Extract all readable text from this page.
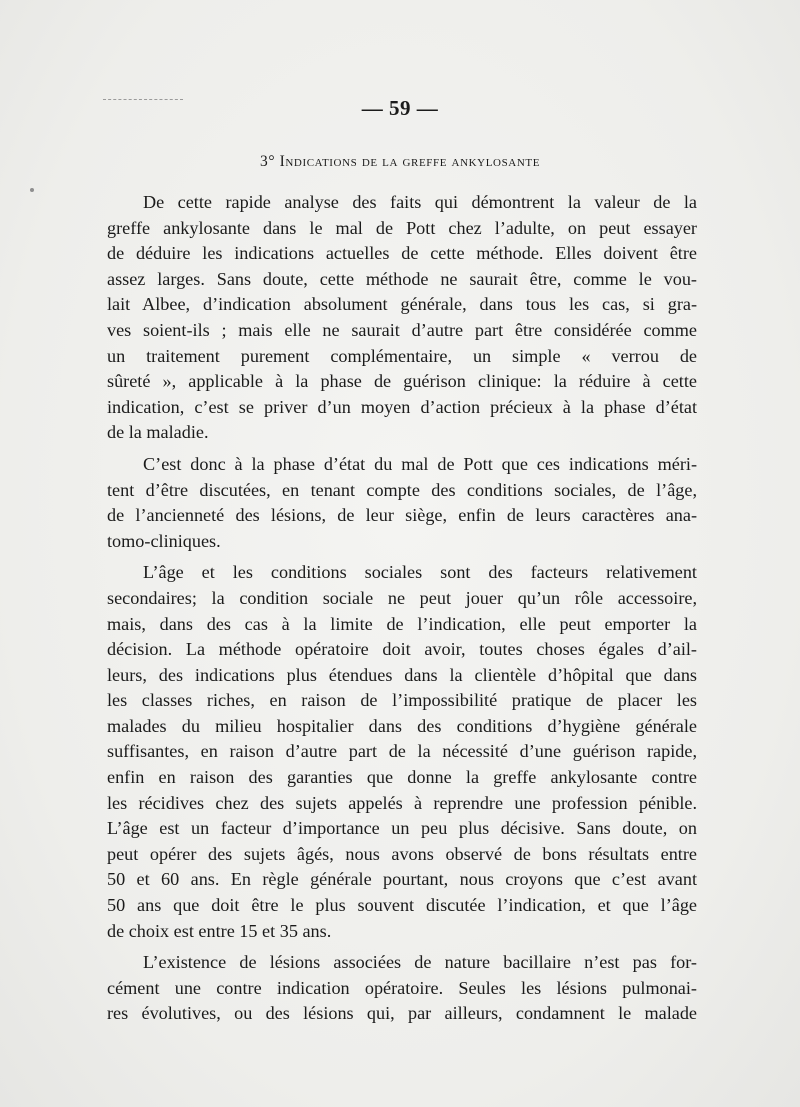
— 59 —
3° Indications de la greffe ankylosante
De cette rapide analyse des faits qui démontrent la valeur de la
greffe ankylosante dans le mal de Pott chez l’adulte, on peut essayer
de déduire les indications actuelles de cette méthode. Elles doivent être
assez larges. Sans doute, cette méthode ne saurait être, comme le vou-
lait Albee, d’indication absolument générale, dans tous les cas, si gra-
ves soient-ils ; mais elle ne saurait d’autre part être considérée comme
un traitement purement complémentaire, un simple « verrou de
sûreté », applicable à la phase de guérison clinique: la réduire à cette
indication, c’est se priver d’un moyen d’action précieux à la phase d’état
de la maladie.
C’est donc à la phase d’état du mal de Pott que ces indications méri-
tent d’être discutées, en tenant compte des conditions sociales, de l’âge,
de l’ancienneté des lésions, de leur siège, enfin de leurs caractères ana-
tomo-cliniques.
L’âge et les conditions sociales sont des facteurs relativement
secondaires; la condition sociale ne peut jouer qu’un rôle accessoire,
mais, dans des cas à la limite de l’indication, elle peut emporter la
décision. La méthode opératoire doit avoir, toutes choses égales d’ail-
leurs, des indications plus étendues dans la clientèle d’hôpital que dans
les classes riches, en raison de l’impossibilité pratique de placer les
malades du milieu hospitalier dans des conditions d’hygiène générale
suffisantes, en raison d’autre part de la nécessité d’une guérison rapide,
enfin en raison des garanties que donne la greffe ankylosante contre
les récidives chez des sujets appelés à reprendre une profession pénible.
L’âge est un facteur d’importance un peu plus décisive. Sans doute, on
peut opérer des sujets âgés, nous avons observé de bons résultats entre
50 et 60 ans. En règle générale pourtant, nous croyons que c’est avant
50 ans que doit être le plus souvent discutée l’indication, et que l’âge
de choix est entre 15 et 35 ans.
L’existence de lésions associées de nature bacillaire n’est pas for-
cément une contre indication opératoire. Seules les lésions pulmonai-
res évolutives, ou des lésions qui, par ailleurs, condamnent le malade
